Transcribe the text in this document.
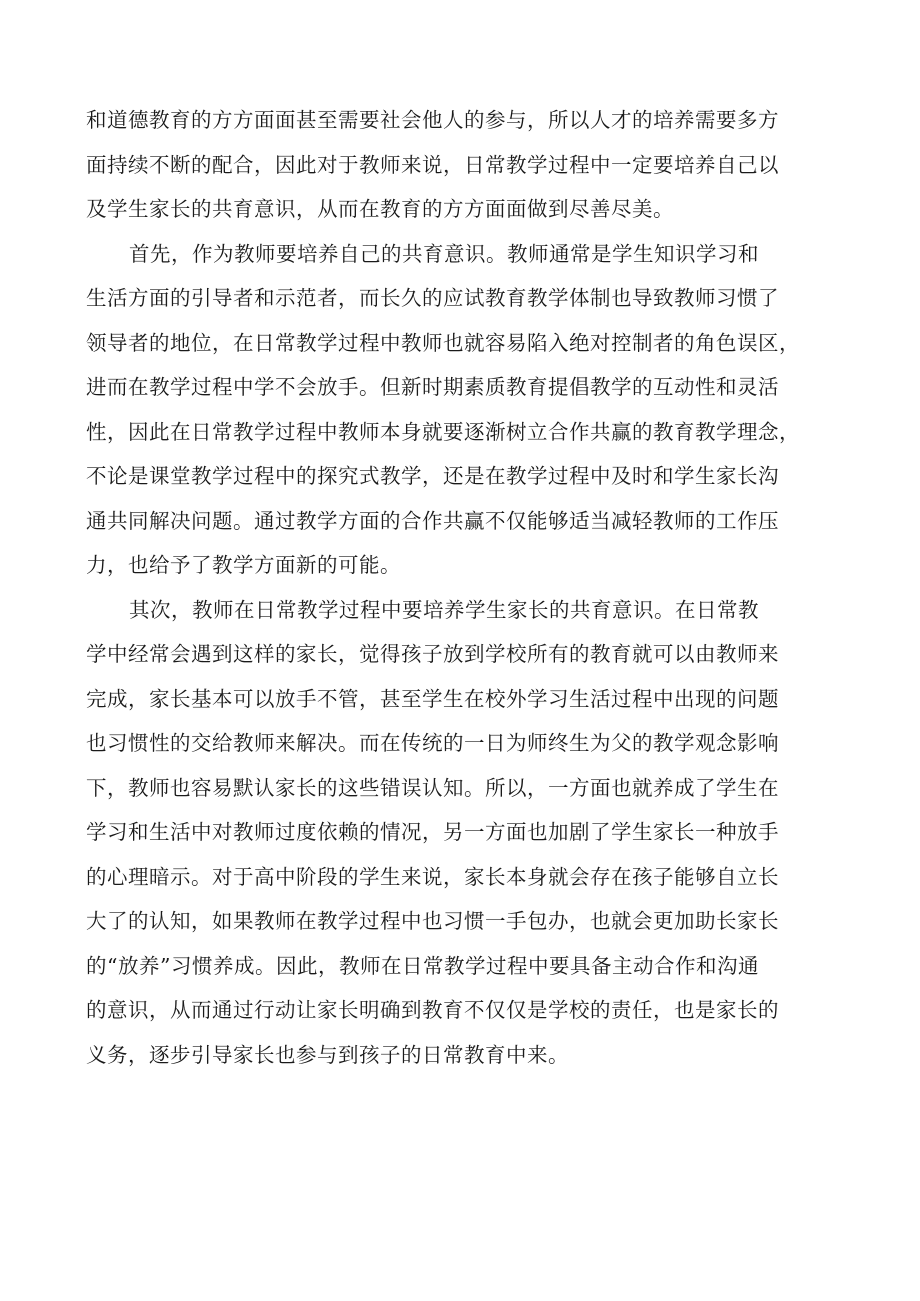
和道德教育的方方面面甚至需要社会他人的参与，所以人才的培养需要多方
面持续不断的配合，因此对于教师来说，日常教学过程中一定要培养自己以
及学生家长的共育意识，从而在教育的方方面面做到尽善尽美。

首先，作为教师要培养自己的共育意识。教师通常是学生知识学习和
生活方面的引导者和示范者，而长久的应试教育教学体制也导致教师习惯了
领导者的地位，在日常教学过程中教师也就容易陷入绝对控制者的角色误区，
进而在教学过程中学不会放手。但新时期素质教育提倡教学的互动性和灵活
性，因此在日常教学过程中教师本身就要逐渐树立合作共赢的教育教学理念，
不论是课堂教学过程中的探究式教学，还是在教学过程中及时和学生家长沟
通共同解决问题。通过教学方面的合作共赢不仅能够适当减轻教师的工作压
力，也给予了教学方面新的可能。

其次，教师在日常教学过程中要培养学生家长的共育意识。在日常教
学中经常会遇到这样的家长，觉得孩子放到学校所有的教育就可以由教师来
完成，家长基本可以放手不管，甚至学生在校外学习生活过程中出现的问题
也习惯性的交给教师来解决。而在传统的一日为师终生为父的教学观念影响
下，教师也容易默认家长的这些错误认知。所以，一方面也就养成了学生在
学习和生活中对教师过度依赖的情况，另一方面也加剧了学生家长一种放手
的心理暗示。对于高中阶段的学生来说，家长本身就会存在孩子能够自立长
大了的认知，如果教师在教学过程中也习惯一手包办，也就会更加助长家长
的“放养”习惯养成。因此，教师在日常教学过程中要具备主动合作和沟通
的意识，从而通过行动让家长明确到教育不仅仅是学校的责任，也是家长的
义务，逐步引导家长也参与到孩子的日常教育中来。
